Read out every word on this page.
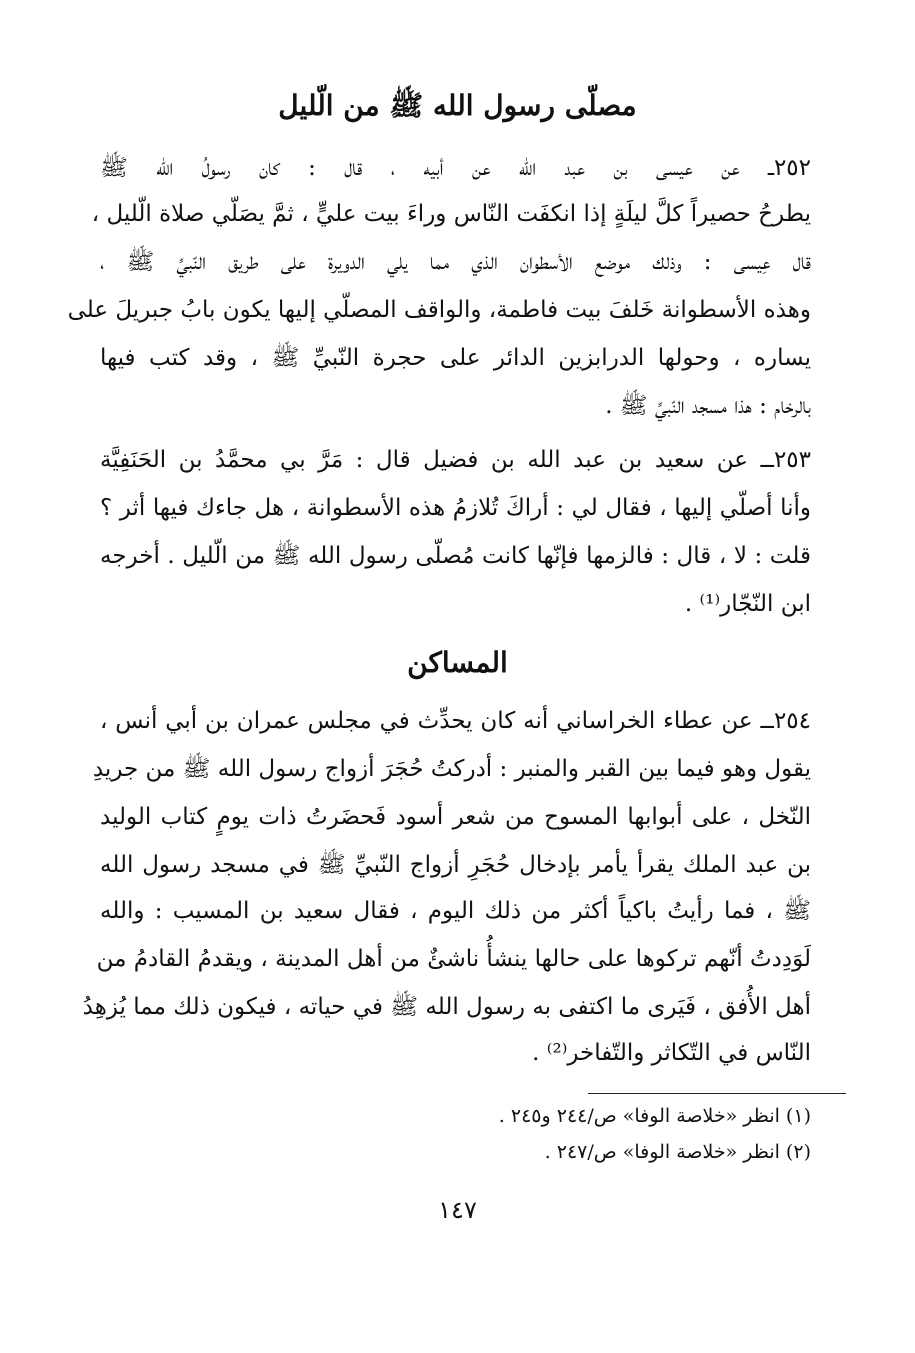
مصلّى رسول الله ﷺ من الّليل
٢٥٢ــ عن عيسى بن عبد الله عن أبيه ، قال : كان رسولُ الله ﷺ
يطرحُ حصيراً كلَّ ليلَةٍ إذا انكفَت النّاس وراءَ بيت عليٍّ ، ثمَّ يصَلّي صلاة الّليل ،
قال عِيسى : وذلك موضع الأسطوان الذي مما يلي الدويرة على طريق النّبيِّ ﷺ ،
وهذه الأسطوانة خَلفَ بيت فاطمة، والواقف المصلّي إليها يكون بابُ جبريلَ على
يساره ، وحولها الدرابزين الدائر على حجرة النّبيِّ ﷺ ، وقد كتب فيها
بالرخام : هذا مسجد النّبيِّ ﷺ .
٢٥٣ــ عن سعيد بن عبد الله بن فضيل قال : مَرَّ بي محمَّدُ بن الحَنَفِيَّة
وأنا أصلّي إليها ، فقال لي : أراكَ تُلازمُ هذه الأسطوانة ، هل جاءك فيها أثر ؟
قلت : لا ، قال : فالزمها فإنّها كانت مُصلّى رسول الله ﷺ من الّليل . أخرجه
ابن النّجّار⁽¹⁾ .
المساكن
٢٥٤ــ عن عطاء الخراساني أنه كان يحدِّث في مجلس عمران بن أبي أنس ،
يقول وهو فيما بين القبر والمنبر : أدركتُ حُجَرَ أزواج رسول الله ﷺ من جريدِ
النّخل ، على أبوابها المسوح من شعر أسود فَحضَرتُ ذات يومٍ كتاب الوليد
بن عبد الملك يقرأ يأمر بإدخال حُجَرِ أزواج النّبيِّ ﷺ في مسجد رسول الله
ﷺ ، فما رأيتُ باكياً أكثر من ذلك اليوم ، فقال سعيد بن المسيب : والله
لَوَدِدتُ أنّهم تركوها على حالها ينشأُ ناشئٌ من أهل المدينة ، ويقدمُ القادمُ من
أهل الأُفق ، فَيَرى ما اكتفى به رسول الله ﷺ في حياته ، فيكون ذلك مما يُزهِدُ
النّاس في التّكاثر والتّفاخر⁽²⁾ .
(١) انظر «خلاصة الوفا» ص/٢٤٤ و٢٤٥ .
(٢) انظر «خلاصة الوفا» ص/٢٤٧ .
١٤٧
